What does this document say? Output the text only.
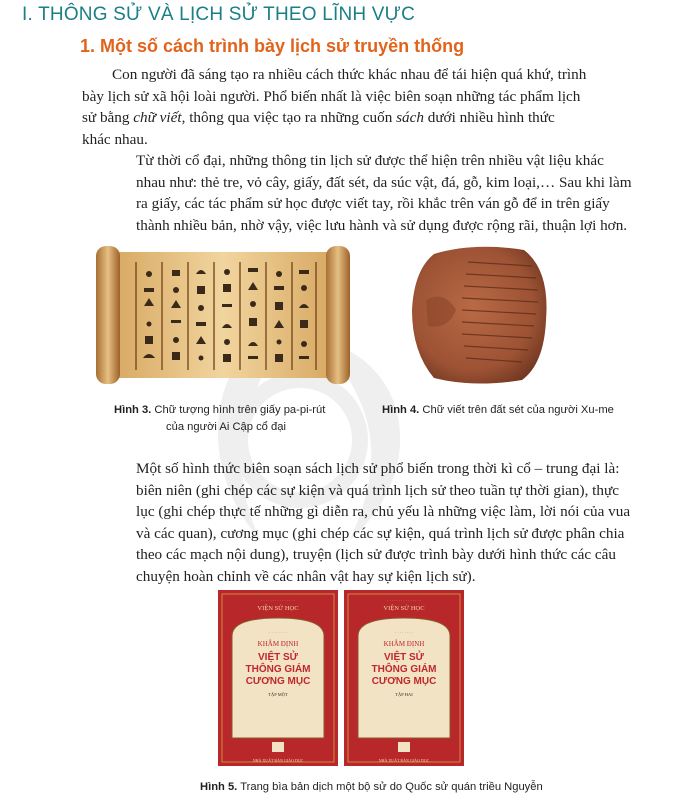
I. THÔNG SỬ VÀ LỊCH SỬ THEO LĨNH VỰC
1. Một số cách trình bày lịch sử truyền thống
Con người đã sáng tạo ra nhiều cách thức khác nhau để tái hiện quá khứ, trình
bày lịch sử xã hội loài người. Phổ biến nhất là việc biên soạn những tác phẩm lịch
sử bằng chữ viết, thông qua việc tạo ra những cuốn sách dưới nhiều hình thức
khác nhau.
Từ thời cổ đại, những thông tin lịch sử được thể hiện trên nhiều vật liệu khác
nhau như: thẻ tre, vỏ cây, giấy, đất sét, da súc vật, đá, gỗ, kim loại,… Sau khi làm
ra giấy, các tác phẩm sử học được viết tay, rồi khắc trên ván gỗ để in trên giấy
thành nhiều bản, nhờ vậy, việc lưu hành và sử dụng được rộng rãi, thuận lợi hơn.
Hình 3. Chữ tượng hình trên giấy pa-pi-rút
của người Ai Cập cổ đại
Hình 4. Chữ viết trên đất sét của người Xu-me
Một số hình thức biên soạn sách lịch sử phổ biến trong thời kì cổ – trung đại là:
biên niên (ghi chép các sự kiện và quá trình lịch sử theo tuần tự thời gian), thực
lục (ghi chép thực tế những gì diễn ra, chủ yếu là những việc làm, lời nói của vua
và các quan), cương mục (ghi chép các sự kiện, quá trình lịch sử được phân chia
theo các mạch nội dung), truyện (lịch sử được trình bày dưới hình thức các câu
chuyện hoàn chỉnh về các nhân vật hay sự kiện lịch sử).
· · · · · · · · · · · · · · ·
VIỆN SỬ HỌC
· · · · · · · ·
KHÂM ĐỊNH
VIỆT SỬ
THÔNG GIÁM
CƯƠNG MỤC
TẬP MỘT
NHÀ XUẤT BẢN GIÁO DỤC
· · · · · · · · · · · · · · ·
VIỆN SỬ HỌC
· · · · · · · ·
KHÂM ĐỊNH
VIỆT SỬ
THÔNG GIÁM
CƯƠNG MỤC
TẬP HAI
NHÀ XUẤT BẢN GIÁO DỤC
Hình 5. Trang bìa bản dịch một bộ sử do Quốc sử quán triều Nguyễn
